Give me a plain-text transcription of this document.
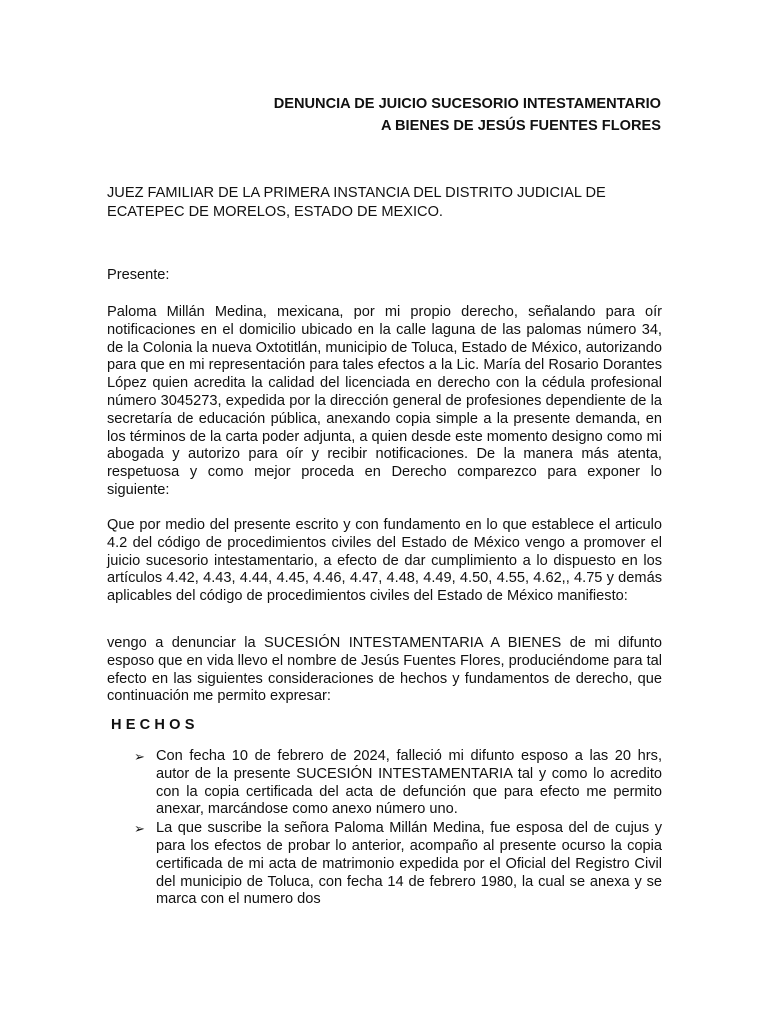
DENUNCIA DE JUICIO SUCESORIO INTESTAMENTARIO
A BIENES DE JESÚS FUENTES FLORES
JUEZ FAMILIAR DE LA PRIMERA INSTANCIA DEL DISTRITO JUDICIAL DE ECATEPEC DE MORELOS, ESTADO DE MEXICO.
Presente:
Paloma Millán Medina, mexicana, por mi propio derecho, señalando para oír notificaciones en el domicilio ubicado en la calle laguna de las palomas número 34, de la Colonia la nueva Oxtotitlán, municipio de Toluca, Estado de México, autorizando para que en mi representación para tales efectos a la Lic. María del Rosario Dorantes López quien acredita la calidad del licenciada en derecho con la cédula profesional número 3045273, expedida por la dirección general de profesiones dependiente de la secretaría de educación pública, anexando copia simple a la presente demanda, en los términos de la carta poder adjunta, a quien desde este momento designo como mi abogada y autorizo para oír y recibir notificaciones. De la manera más atenta, respetuosa y como mejor proceda en Derecho comparezco para exponer lo siguiente:
Que por medio del presente escrito y con fundamento en lo que establece el articulo 4.2 del código de procedimientos civiles del Estado de México vengo a promover el juicio sucesorio intestamentario, a efecto de dar cumplimiento a lo dispuesto en los artículos 4.42, 4.43, 4.44, 4.45, 4.46, 4.47, 4.48, 4.49, 4.50, 4.55, 4.62,, 4.75 y demás aplicables del código de procedimientos civiles del Estado de México manifiesto:
vengo a denunciar la SUCESIÓN INTESTAMENTARIA A BIENES de mi difunto esposo que en vida llevo el nombre de Jesús Fuentes Flores, produciéndome para tal efecto en las siguientes consideraciones de hechos y fundamentos de derecho, que continuación me permito expresar:
HECHOS
➢ Con fecha 10 de febrero de 2024, falleció mi difunto esposo a las 20 hrs, autor de la presente SUCESIÓN INTESTAMENTARIA tal y como lo acredito con la copia certificada del acta de defunción que para efecto me permito anexar, marcándose como anexo número uno.
➢ La que suscribe la señora Paloma Millán Medina, fue esposa del de cujus y para los efectos de probar lo anterior, acompaño al presente ocurso la copia certificada de mi acta de matrimonio expedida por el Oficial del Registro Civil del municipio de Toluca, con fecha 14 de febrero 1980, la cual se anexa y se marca con el numero dos
